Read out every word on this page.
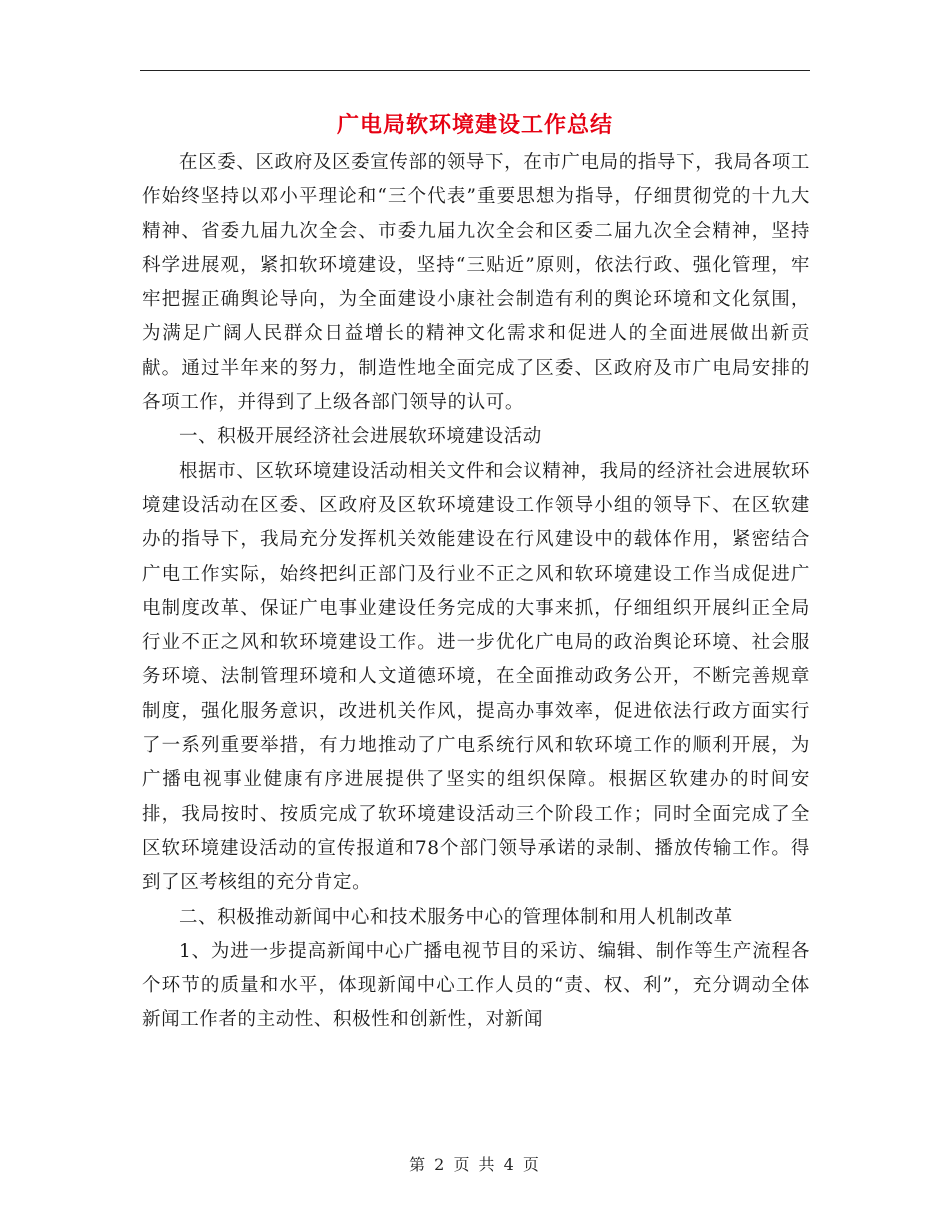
广电局软环境建设工作总结

在区委、区政府及区委宣传部的领导下，在市广电局的指导下，我局各项工作始终坚持以邓小平理论和“三个代表”重要思想为指导，仔细贯彻党的十九大精神、省委九届九次全会、市委九届九次全会和区委二届九次全会精神，坚持科学进展观，紧扣软环境建设，坚持“三贴近”原则，依法行政、强化管理，牢牢把握正确舆论导向，为全面建设小康社会制造有利的舆论环境和文化氛围，为满足广阔人民群众日益增长的精神文化需求和促进人的全面进展做出新贡献。通过半年来的努力，制造性地全面完成了区委、区政府及市广电局安排的各项工作，并得到了上级各部门领导的认可。

一、积极开展经济社会进展软环境建设活动

根据市、区软环境建设活动相关文件和会议精神，我局的经济社会进展软环境建设活动在区委、区政府及区软环境建设工作领导小组的领导下、在区软建办的指导下，我局充分发挥机关效能建设在行风建设中的载体作用，紧密结合广电工作实际，始终把纠正部门及行业不正之风和软环境建设工作当成促进广电制度改革、保证广电事业建设任务完成的大事来抓，仔细组织开展纠正全局行业不正之风和软环境建设工作。进一步优化广电局的政治舆论环境、社会服务环境、法制管理环境和人文道德环境，在全面推动政务公开，不断完善规章制度，强化服务意识，改进机关作风，提高办事效率，促进依法行政方面实行了一系列重要举措，有力地推动了广电系统行风和软环境工作的顺利开展，为广播电视事业健康有序进展提供了坚实的组织保障。根据区软建办的时间安排，我局按时、按质完成了软环境建设活动三个阶段工作；同时全面完成了全区软环境建设活动的宣传报道和78个部门领导承诺的录制、播放传输工作。得到了区考核组的充分肯定。

二、积极推动新闻中心和技术服务中心的管理体制和用人机制改革

1、为进一步提高新闻中心广播电视节目的采访、编辑、制作等生产流程各个环节的质量和水平，体现新闻中心工作人员的“责、权、利”，充分调动全体新闻工作者的主动性、积极性和创新性，对新闻

第 2 页 共 4 页
